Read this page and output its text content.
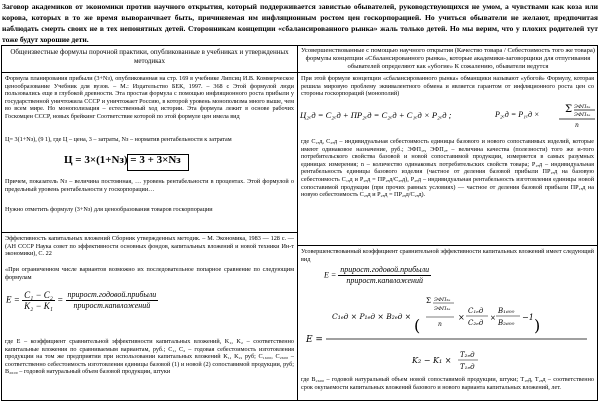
Заговор академиков от экономики против научного открытия, который поддерживается завистью обывателей, руководствующихся не умом, а чувствами как коза или корова, которых в то же время вывораичвает быть, причиняемая им инфляционным ростом цен госкорпорацией. Но учиться обыватели не желают, предпочитая наблюдать смерть своих не в тех непонятных детей. Сторонникам концепции «сбалансированного рынка» жаль только детей. Но мы верим, что у плохих родителей тут тоже будут хорошие дети.
Общеизвестные формулы порочной практики, опубликованные в учебниках и утвержденных методиках
Усовершенствованные с помощью научного открытия (Качество товара / Себестоимость того же товара) формулы концепции «Сбалансированного рынка», которые академики-заговорщики для отпугивания обывателей определяют как «убогие» К сожалению, обыватели ведутся
Формула планирования прибыли (3+Nз), опубликованная на стр. 169 в учебнике Липсиц И.В. Коммерческое ценообразование Учебник для вузов. – М.: Издательство БЕК, 1997. – 368 с Этой формулой люди пользовались еще в глубокой древности. Эта простая формула с помощью инфляционного роста прибыли у государственной уничтожила СССР и уничтожает Россию, в которой уровень монополизма много выше, чем во всем мире. Но монополизация – естественный ход истории. Эта формула лежит в основе рабочих Госкомцен СССР, новых брейкинг Соответствие которой по этой формуле цен имела вид
Ц= 3(1+Nз), (9 1), где Ц – цена, 3 – затраты, Nз – норматив рентабельности к затратам
Ц = 3×(1+Nз) = 3 + 3×Nз
Причем, показатель Nз – величина постоянная, … уровень рентабельности в процентах. Этой формулой о предельный уровень рентабельности у госкорпорации…
Нужно отметить формулу (3+Nз) для ценообразования товаров госкорпорации
Эффективность капитальных вложений Сборник утвержденных методик. – М. Экономика, 1983 — 128 с. — (АН СССР Наука совет по эффективности основных фондов, капитальных вложений и новой техники Ин-т экономики), С. 22
«При ограниченном числе вариантов возможно их последовательное попарное сравнение по следующим формулам
$E = \frac{\text{C₁ − C₂}}{\text{K₂ − K₁}} = \frac{\text{прирост.годовой.прибыли}}{\text{прирост.капвложений}}$
где E – коэффициент сравнительной эффективности капитальных вложений, K₁, K₂ – соответственно капитальные вложения по сравниваемым вариантам, руб.; C₁, C₂ – годовая себестоимость изготовления продукции на том же предприятии при использовании капитальных вложений K₁, K₂, руб; C₁₆₀₀, C₂₆₀₀ – соответственно себестоимость изготовления единицы базовой (1) и новой (2) сопоставимой продукции, руб; B₂₆₀₀ – годовой натуральный объем базовой продукции, штуки
При этой формуле концепции «сбалансированного рынка» обманщики называют «убогой» Формулу, которая решила мировую проблему эквивалентного обмена и является гарантом от инфляционного роста цен со стороны госкорпораций (монополий)
Ц₂ₑд = C₂ₑд + ПР₂ₑд = C₂ₑд + C₁ₑд × P₂ₑд ;	P₂ₑд = P₁ₑд ×	Σ ЭФП₂ₑ
ЭФП₁ₑ
n
где C₁ₑд, C₂ₑд – индивидуальная себестоимость единицы базового и нового сопоставимых изделий, которые имеют одинаковое назначение, руб.; ЭФП₁ₑ, ЭФП₂ₑ – величина качества (полезности) того же и-того потребительского свойства базовой и новой сопоставимой продукции, измеряется в самых разумных единицах измерения; n – количество одинаковых потребительских свойств товара; P₁ₑд – индивидуальная рентабельность единицы базового изделия (частное от деления базовой прибыли ПР₁ₑд на базовую себестоимость C₁ₑд и P₂ₑд = ПР₂ₑд/C₂ₑд), P₂ₑд – индивидуальная рентабельность изготовления единицы новой сопоставимой продукции (при прочих равных условиях) — частное от деления базовой прибыли ПР₁ₑд на новую себестоимость C₂ₑд и P₂ₑд = ПР₂ₑд/C₂ₑд).
Усовершенствованный коэффициент сравнительной эффективности капитальных вложений имеет следующий вид
$E = \frac{\text{прирост.годовой.прибыли}}{\text{прирост.капвложений}}$
E =
C₁ₑд × P₁ₑд × B₂ₑд × (
Σ ЭФП₂ₑ
ЭФП₁ₑ
n
×
C₁ₑд
C₂ₑд
×
B₁₆₀₀
B₂₆₀₀
−1 )
K₂ − K₁ ×
T₂ₑд
T₁ₑд
где B₂₆₀₀ – годовой натуральный объем новой сопоставимой продукции, штуки; T₁ₑд, T₂ₑд – соответственно срок окупаемости капитальных вложений базового и нового варианта капитальных вложений, лет.
